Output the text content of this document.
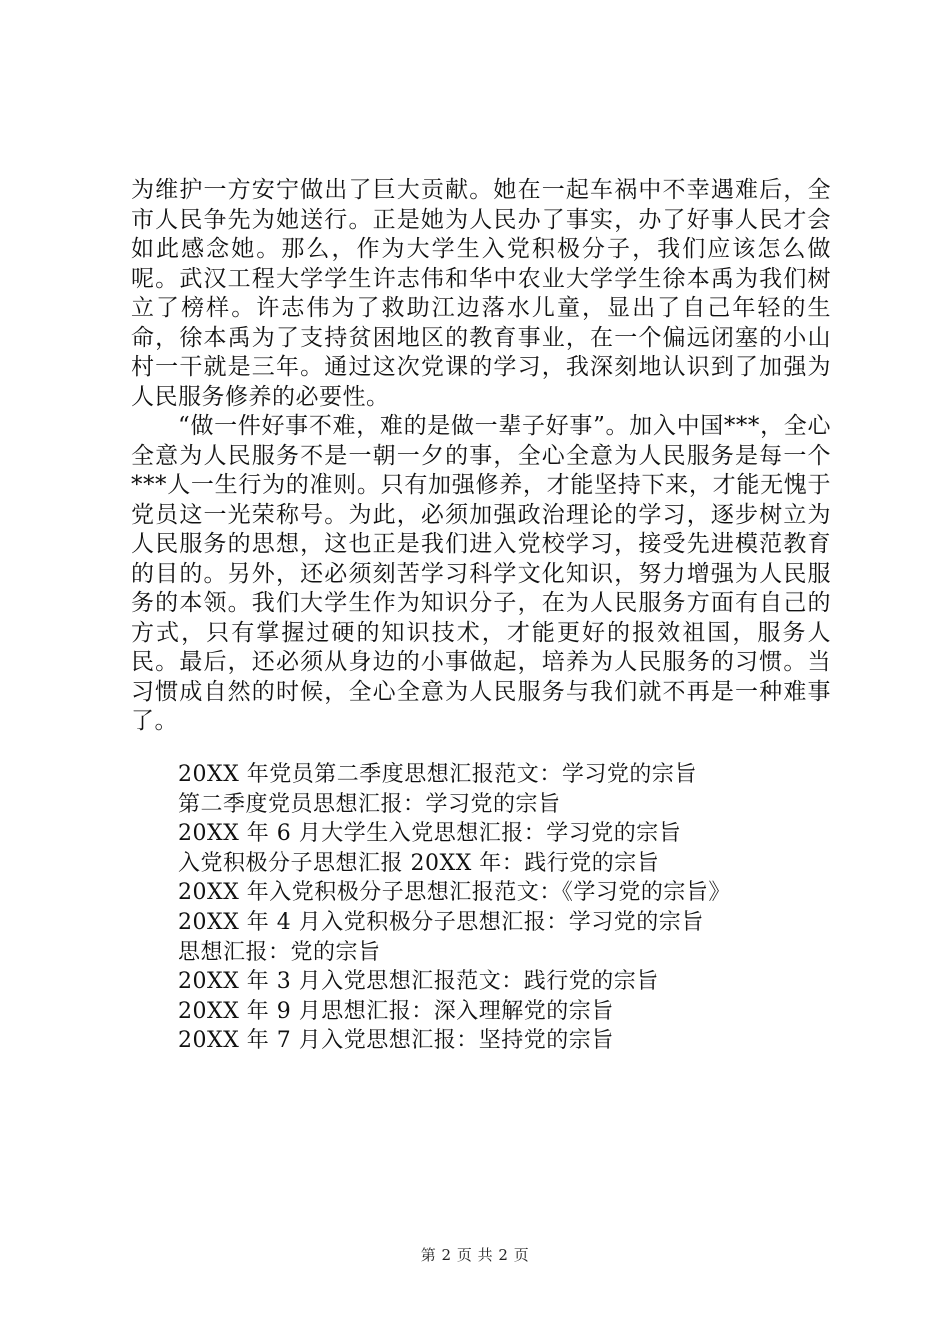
为维护一方安宁做出了巨大贡献。她在一起车祸中不幸遇难后，全市人民争先为她送行。正是她为人民办了事实，办了好事人民才会如此感念她。那么，作为大学生入党积极分子，我们应该怎么做呢。武汉工程大学学生许志伟和华中农业大学学生徐本禹为我们树立了榜样。许志伟为了救助江边落水儿童，显出了自己年轻的生命，徐本禹为了支持贫困地区的教育事业，在一个偏远闭塞的小山村一干就是三年。通过这次党课的学习，我深刻地认识到了加强为人民服务修养的必要性。

“做一件好事不难，难的是做一辈子好事”。加入中国***，全心全意为人民服务不是一朝一夕的事，全心全意为人民服务是每一个***人一生行为的准则。只有加强修养，才能坚持下来，才能无愧于党员这一光荣称号。为此，必须加强政治理论的学习，逐步树立为人民服务的思想，这也正是我们进入党校学习，接受先进模范教育的目的。另外，还必须刻苦学习科学文化知识，努力增强为人民服务的本领。我们大学生作为知识分子，在为人民服务方面有自己的方式，只有掌握过硬的知识技术，才能更好的报效祖国，服务人民。最后，还必须从身边的小事做起，培养为人民服务的习惯。当习惯成自然的时候，全心全意为人民服务与我们就不再是一种难事了。

20XX 年党员第二季度思想汇报范文：学习党的宗旨
第二季度党员思想汇报：学习党的宗旨
20XX 年 6 月大学生入党思想汇报：学习党的宗旨
入党积极分子思想汇报 20XX 年：践行党的宗旨
20XX 年入党积极分子思想汇报范文：《学习党的宗旨》
20XX 年 4 月入党积极分子思想汇报：学习党的宗旨
思想汇报：党的宗旨
20XX 年 3 月入党思想汇报范文：践行党的宗旨
20XX 年 9 月思想汇报：深入理解党的宗旨
20XX 年 7 月入党思想汇报：坚持党的宗旨
第 2 页 共 2 页
